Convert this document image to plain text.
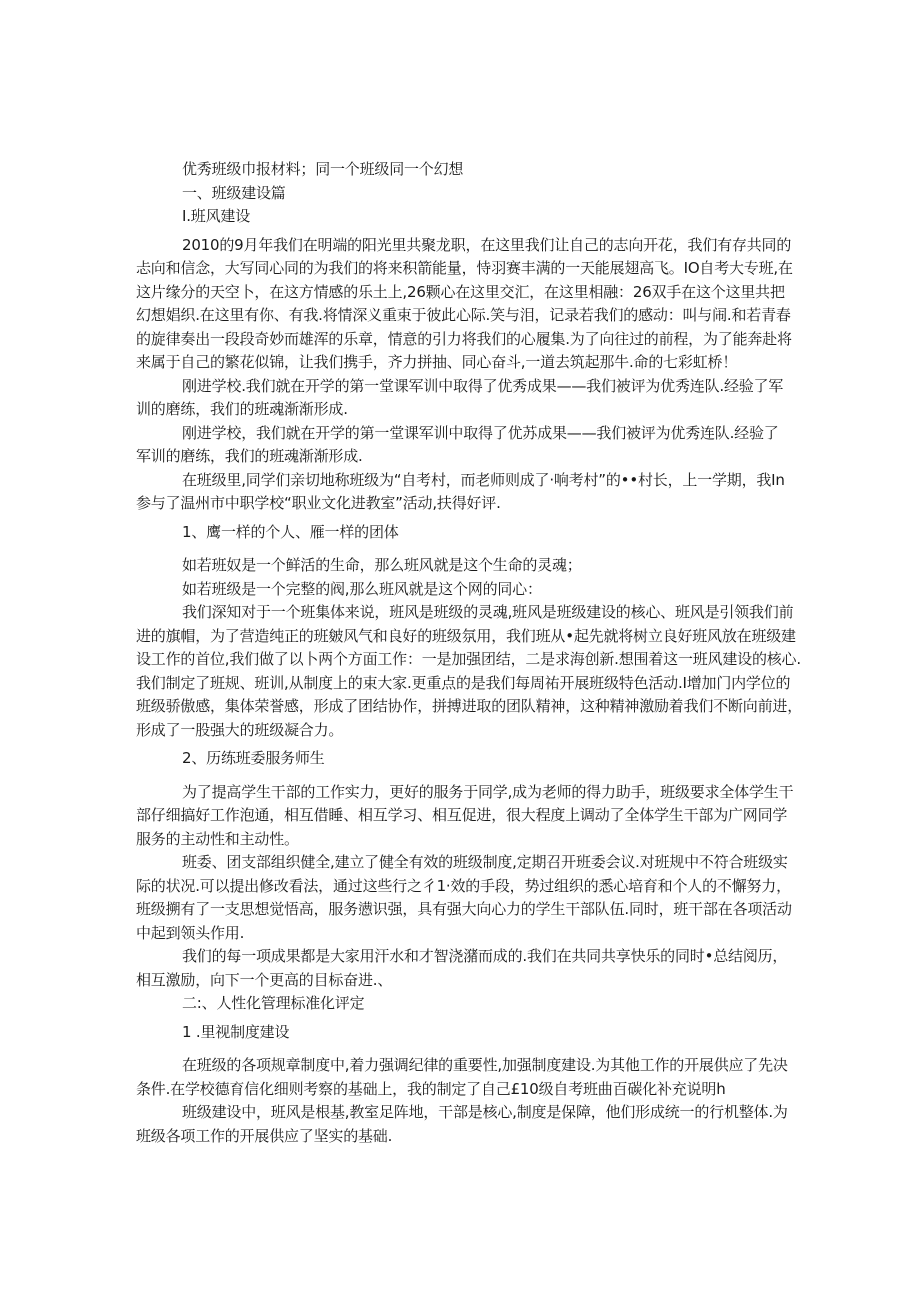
优秀班级巾报材料；同一个班级同一个幻想
一、班级建设篇
I.班风建设
2010的9月年我们在明端的阳光里共聚龙职，在这里我们让自己的志向开花，我们有存共同的
忐向和信念，大写同心同的为我们的将来积箭能量，恃羽赛丰满的一天能展翅高飞。IO自考大专班,在
这片缘分的天空卜，在这方情感的乐土上,26颗心在这里交汇，在这里相融：26双手在这个这里共把
幻想娼织.在这里有你、有我.将情深义重束于彼此心际.笑与泪，记录若我们的感动：叫与闹.和若青春
的旋律奏出一段段奇妙而雄浑的乐章，情意的引力将我们的心履集.为了向往过的前程，为了能奔赴将
来属于自己的繁花似锦，让我们携手，齐力拼抽、同心奋斗,一道去筑起那牛.命的七彩虹桥！
刚进学校.我们就在开学的第一堂课军训中取得了优秀成果——我们被评为优秀连队.经验了军
训的磨练，我们的班魂渐渐形成.
刚进学校，我们就在开学的第一堂课军训中取得了优苏成果——我们被评为优秀连队.经验了
军训的磨练，我们的班魂渐渐形成.
在班级里,同学们亲切地称班级为“自考村，而老师则成了·响考村”的••村长，上一学期，我In
参与了温州市中职学校“职业文化进教室”活动,扶得好评.
1、鹰一样的个人、雁一样的团体
如若班奴是一个鲜活的生命，那么班风就是这个生命的灵魂；
如若班级是一个完整的阀,那么班风就是这个网的同心：
我们深知对于一个班集体来说，班风是班级的灵魂,班风是班级建设的核心、班风是引领我们前
进的旗帽，为了营造纯正的班皴风气和良好的班级氛用，我们班从•起先就将树立良好班风放在班级建
设工作的首位,我们做了以卜两个方面工作：一是加强团结，二是求海创新.想围着这一班风建设的核心.
我们制定了班规、班训,从制度上的束大家.更重点的是我们每周祐开展班级特色活动.I增加门内学位的
班级骄傲感，集体荣誉感，形成了团结协作，拼搏进取的团队精神，这种精神激励着我们不断向前进，
形成了一股强大的班级凝合力。
2、历练班委服务师生
为了提高学生干部的工作实力，更好的服务于同学,成为老师的得力助手，班级要求全体学生干
部仔细搞好工作泡通，相互借睡、相互学习、相互促进，很大程度上调动了全体学生干部为广网同学
服务的主动性和主动性。
班委、团支部组织健全,建立了健全有效的班级制度,定期召开班委会议.对班规中不符合班级实
际的状况.可以提出修改看法，通过这些行之彳1·效的手段，势过组织的悉心培育和个人的不懈努力，
班级搠有了一支思想觉悟高，服务懑识强，具有强大向心力的学生干部队伍.同时，班干部在各项活动
中起到领头作用.
我们的每一项成果都是大家用汗水和才智浇潴而成的.我们在共同共享快乐的同时•总结阅历，
相互激励，向下一个更高的目标奋进.、
二:、人性化管理标准化评定
1 .里视制度建设
在班级的各项规章制度中,着力强调纪律的重要性,加强制度建设.为其他工作的开展供应了先决
条件.在学校德育信化细则考察的基础上，我的制定了自己£10级自考班曲百碳化补充说明h
班级建设中，班风是根基,教室足阵地，干部是核心,制度是保障，他们形成统一的行机整体.为
班级各项工作的开展供应了坚实的基础.
